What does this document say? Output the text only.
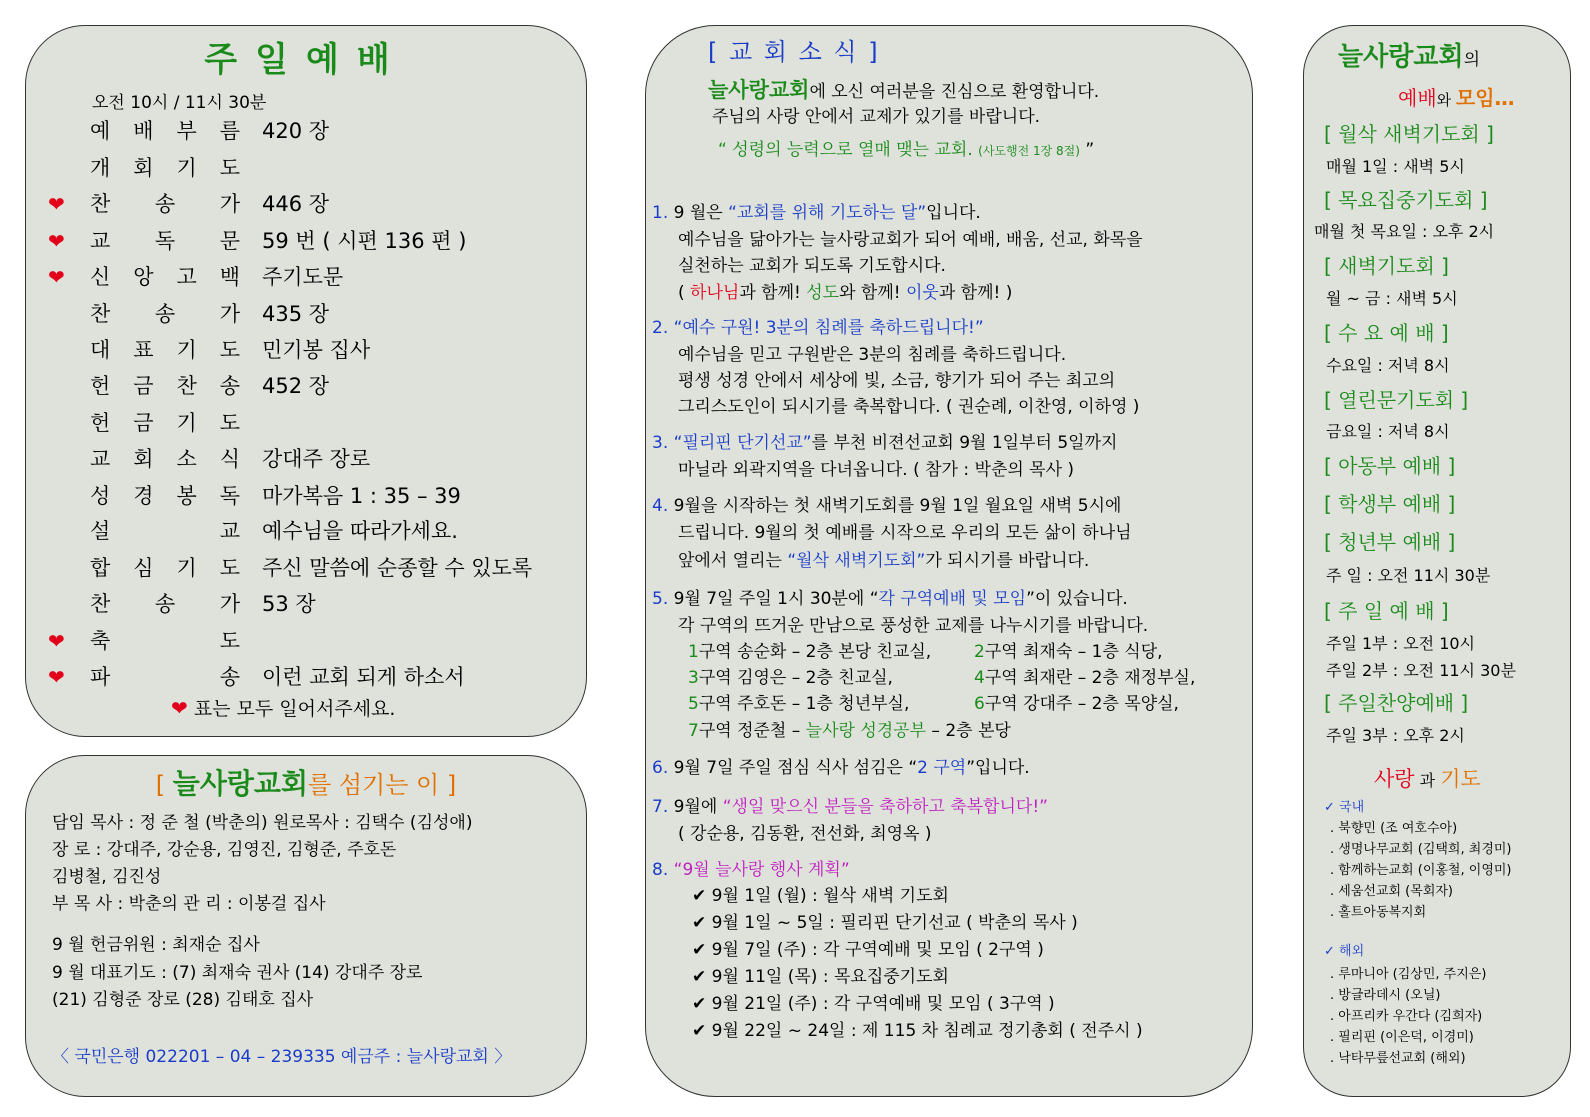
주일예배
오전 10시 / 11시 30분
예 배 부 름 420 장
개 회 기 도
❤ 찬 송 가 446 장
❤ 교 독 문 59 번 ( 시편 136 편 )
❤ 신 앙 고 백 주기도문
찬 송 가 435 장
대 표 기 도 민기봉 집사
헌 금 찬 송 452 장
헌 금 기 도
교 회 소 식 강대주 장로
성 경 봉 독 마가복음 1 : 35 – 39
설 교 예수님을 따라가세요.
합 심 기 도 주신 말씀에 순종할 수 있도록
찬 송 가 53 장
❤ 축 도
❤ 파 송 이런 교회 되게 하소서
❤ 표는 모두 일어서주세요.
[ 늘사랑교회를 섬기는 이 ]
담임 목사 : 정 준 철 (박춘의) 원로목사 : 김택수 (김성애)
장 로 : 강대주, 강순용, 김영진, 김형준, 주호돈
김병철, 김진성
부 목 사 : 박춘의 관 리 : 이봉걸 집사
9 월 헌금위원 : 최재순 집사
9 월 대표기도 : (7) 최재숙 권사 (14) 강대주 장로
(21) 김형준 장로 (28) 김태호 집사
〈 국민은행 022201 – 04 – 239335 예금주 : 늘사랑교회 〉
[ 교 회 소 식 ]
늘사랑교회에 오신 여러분을 진심으로 환영합니다.
주님의 사랑 안에서 교제가 있기를 바랍니다.
“ 성령의 능력으로 열매 맺는 교회. (사도행전 1장 8절) ”
1. 9 월은 “교회를 위해 기도하는 달”입니다.
예수님을 닮아가는 늘사랑교회가 되어 예배, 배움, 선교, 화목을
실천하는 교회가 되도록 기도합시다.
( 하나님과 함께! 성도와 함께! 이웃과 함께! )
2. “예수 구원! 3분의 침례를 축하드립니다!”
예수님을 믿고 구원받은 3분의 침례를 축하드립니다.
평생 성경 안에서 세상에 빛, 소금, 향기가 되어 주는 최고의
그리스도인이 되시기를 축복합니다. ( 권순례, 이찬영, 이하영 )
3. “필리핀 단기선교”를 부천 비젼선교회 9월 1일부터 5일까지
마닐라 외곽지역을 다녀옵니다. ( 참가 : 박춘의 목사 )
4. 9월을 시작하는 첫 새벽기도회를 9월 1일 월요일 새벽 5시에
드립니다. 9월의 첫 예배를 시작으로 우리의 모든 삶이 하나님
앞에서 열리는 “월삭 새벽기도회”가 되시기를 바랍니다.
5. 9월 7일 주일 1시 30분에 “각 구역예배 및 모임”이 있습니다.
각 구역의 뜨거운 만남으로 풍성한 교제를 나누시기를 바랍니다.
1구역 송순화 – 2층 본당 친교실,	2구역 최재숙 – 1층 식당,
3구역 김영은 – 2층 친교실,	4구역 최재란 – 2층 재정부실,
5구역 주호돈 – 1층 청년부실,	6구역 강대주 – 2층 목양실,
7구역 정준철 – 늘사랑 성경공부 – 2층 본당
6. 9월 7일 주일 점심 식사 섬김은 “2 구역”입니다.
7. 9월에 “생일 맞으신 분들을 축하하고 축복합니다!”
( 강순용, 김동환, 전선화, 최영옥 )
8. “9월 늘사랑 행사 계획”
✔ 9월 1일 (월) : 월삭 새벽 기도회
✔ 9월 1일 ~ 5일 : 필리핀 단기선교 ( 박춘의 목사 )
✔ 9월 7일 (주) : 각 구역예배 및 모임 ( 2구역 )
✔ 9월 11일 (목) : 목요집중기도회
✔ 9월 21일 (주) : 각 구역예배 및 모임 ( 3구역 )
✔ 9월 22일 ~ 24일 : 제 115 차 침례교 정기총회 ( 전주시 )
늘사랑교회의
예배와 모임…
[ 월삭 새벽기도회 ]
매월 1일 : 새벽 5시
[ 목요집중기도회 ]
매월 첫 목요일 : 오후 2시
[ 새벽기도회 ]
월 ~ 금 : 새벽 5시
[ 수 요 예 배 ]
수요일 : 저녁 8시
[ 열린문기도회 ]
금요일 : 저녁 8시
[ 아동부 예배 ]
[ 학생부 예배 ]
[ 청년부 예배 ]
주 일 : 오전 11시 30분
[ 주 일 예 배 ]
주일 1부 : 오전 10시
주일 2부 : 오전 11시 30분
[ 주일찬양예배 ]
주일 3부 : 오후 2시
사랑 과 기도
✓ 국내
. 북향민 (조 여호수아)
. 생명나무교회 (김택희, 최경미)
. 함께하는교회 (이홍철, 이영미)
. 세움선교회 (목회자)
. 홀트아동복지회
✓ 해외
. 루마니아 (김상민, 주지은)
. 방글라데시 (오닐)
. 아프리카 우간다 (김희자)
. 필리핀 (이은덕, 이경미)
. 낙타무릎선교회 (해외)
